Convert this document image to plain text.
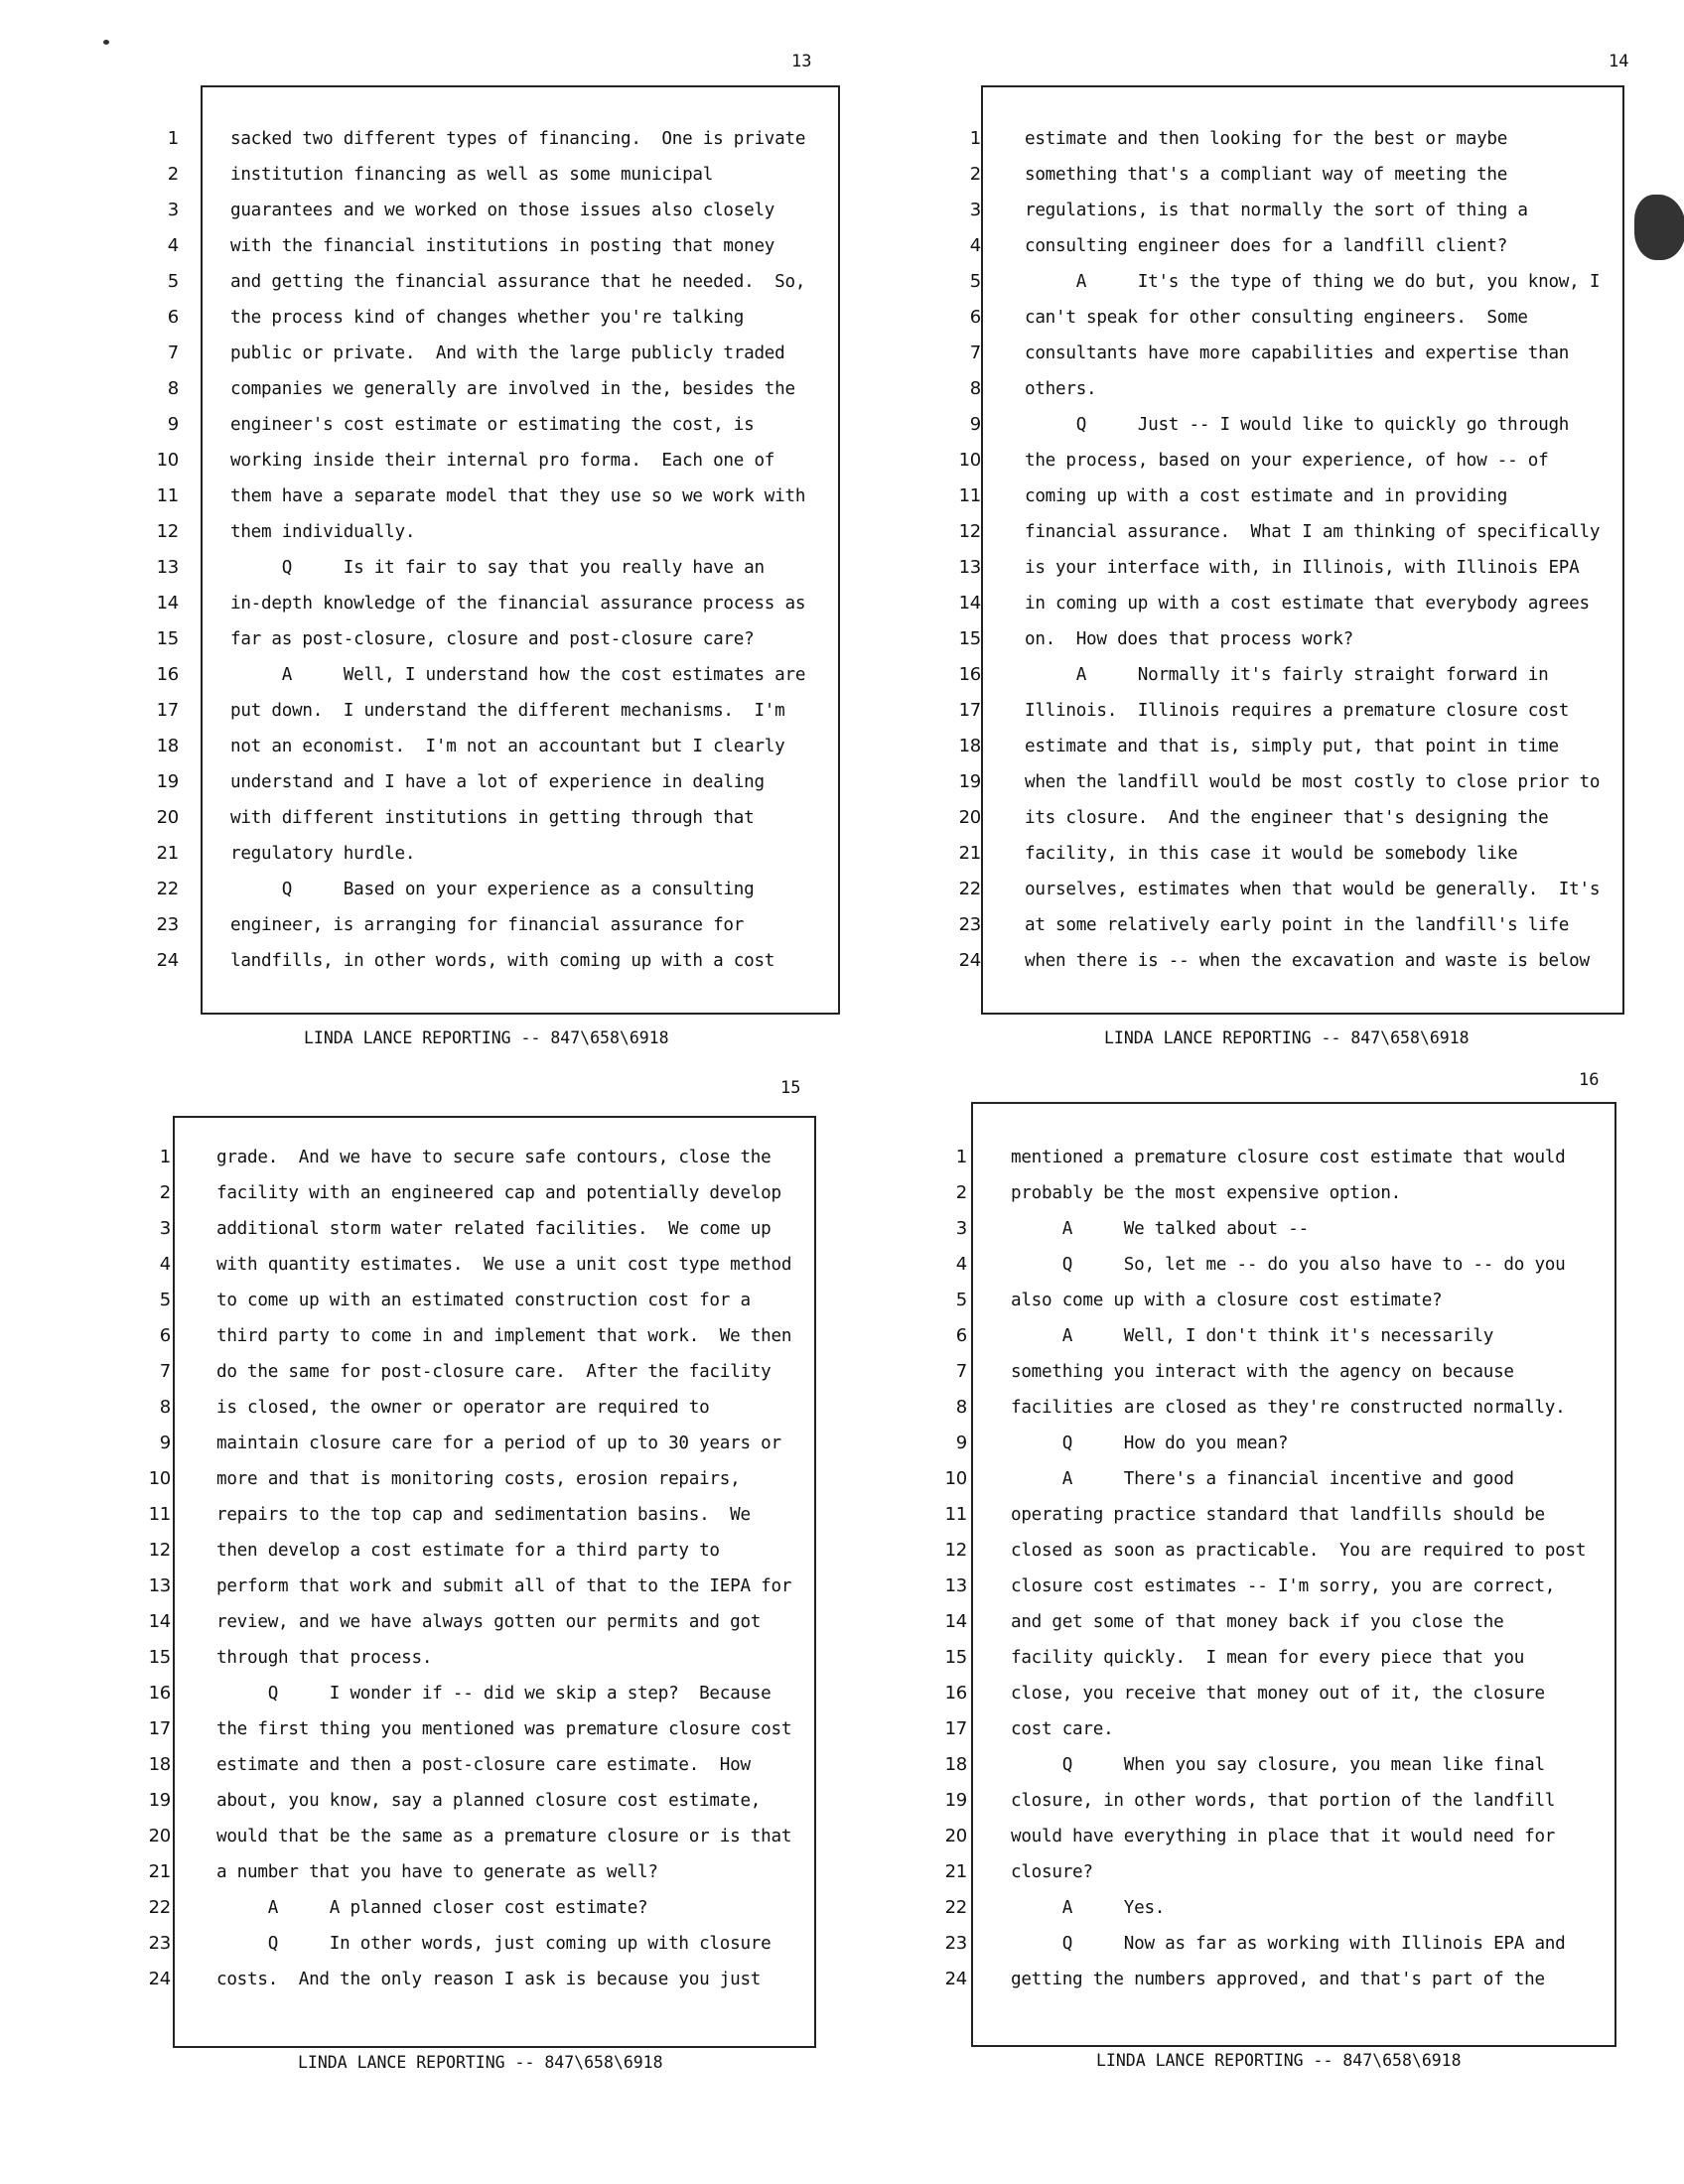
13
1	sacked two different types of financing.  One is private
2	institution financing as well as some municipal
3	guarantees and we worked on those issues also closely
4	with the financial institutions in posting that money
5	and getting the financial assurance that he needed.  So,
6	the process kind of changes whether you're talking
7	public or private.  And with the large publicly traded
8	companies we generally are involved in the, besides the
9	engineer's cost estimate or estimating the cost, is
10	working inside their internal pro forma.  Each one of
11	them have a separate model that they use so we work with
12	them individually.
13	Q     Is it fair to say that you really have an
14	in-depth knowledge of the financial assurance process as
15	far as post-closure, closure and post-closure care?
16	A     Well, I understand how the cost estimates are
17	put down.  I understand the different mechanisms.  I'm
18	not an economist.  I'm not an accountant but I clearly
19	understand and I have a lot of experience in dealing
20	with different institutions in getting through that
21	regulatory hurdle.
22	Q     Based on your experience as a consulting
23	engineer, is arranging for financial assurance for
24	landfills, in other words, with coming up with a cost
LINDA LANCE REPORTING -- 847\658\6918
14
1	estimate and then looking for the best or maybe
2	something that's a compliant way of meeting the
3	regulations, is that normally the sort of thing a
4	consulting engineer does for a landfill client?
5	A     It's the type of thing we do but, you know, I
6	can't speak for other consulting engineers.  Some
7	consultants have more capabilities and expertise than
8	others.
9	Q     Just -- I would like to quickly go through
10	the process, based on your experience, of how -- of
11	coming up with a cost estimate and in providing
12	financial assurance.  What I am thinking of specifically
13	is your interface with, in Illinois, with Illinois EPA
14	in coming up with a cost estimate that everybody agrees
15	on.  How does that process work?
16	A     Normally it's fairly straight forward in
17	Illinois.  Illinois requires a premature closure cost
18	estimate and that is, simply put, that point in time
19	when the landfill would be most costly to close prior to
20	its closure.  And the engineer that's designing the
21	facility, in this case it would be somebody like
22	ourselves, estimates when that would be generally.  It's
23	at some relatively early point in the landfill's life
24	when there is -- when the excavation and waste is below
LINDA LANCE REPORTING -- 847\658\6918
15
1	grade.  And we have to secure safe contours, close the
2	facility with an engineered cap and potentially develop
3	additional storm water related facilities.  We come up
4	with quantity estimates.  We use a unit cost type method
5	to come up with an estimated construction cost for a
6	third party to come in and implement that work.  We then
7	do the same for post-closure care.  After the facility
8	is closed, the owner or operator are required to
9	maintain closure care for a period of up to 30 years or
10	more and that is monitoring costs, erosion repairs,
11	repairs to the top cap and sedimentation basins.  We
12	then develop a cost estimate for a third party to
13	perform that work and submit all of that to the IEPA for
14	review, and we have always gotten our permits and got
15	through that process.
16	Q     I wonder if -- did we skip a step?  Because
17	the first thing you mentioned was premature closure cost
18	estimate and then a post-closure care estimate.  How
19	about, you know, say a planned closure cost estimate,
20	would that be the same as a premature closure or is that
21	a number that you have to generate as well?
22	A     A planned closer cost estimate?
23	Q     In other words, just coming up with closure
24	costs.  And the only reason I ask is because you just
LINDA LANCE REPORTING -- 847\658\6918
16
1	mentioned a premature closure cost estimate that would
2	probably be the most expensive option.
3	A     We talked about --
4	Q     So, let me -- do you also have to -- do you
5	also come up with a closure cost estimate?
6	A     Well, I don't think it's necessarily
7	something you interact with the agency on because
8	facilities are closed as they're constructed normally.
9	Q     How do you mean?
10	A     There's a financial incentive and good
11	operating practice standard that landfills should be
12	closed as soon as practicable.  You are required to post
13	closure cost estimates -- I'm sorry, you are correct,
14	and get some of that money back if you close the
15	facility quickly.  I mean for every piece that you
16	close, you receive that money out of it, the closure
17	cost care.
18	Q     When you say closure, you mean like final
19	closure, in other words, that portion of the landfill
20	would have everything in place that it would need for
21	closure?
22	A     Yes.
23	Q     Now as far as working with Illinois EPA and
24	getting the numbers approved, and that's part of the
LINDA LANCE REPORTING -- 847\658\6918
